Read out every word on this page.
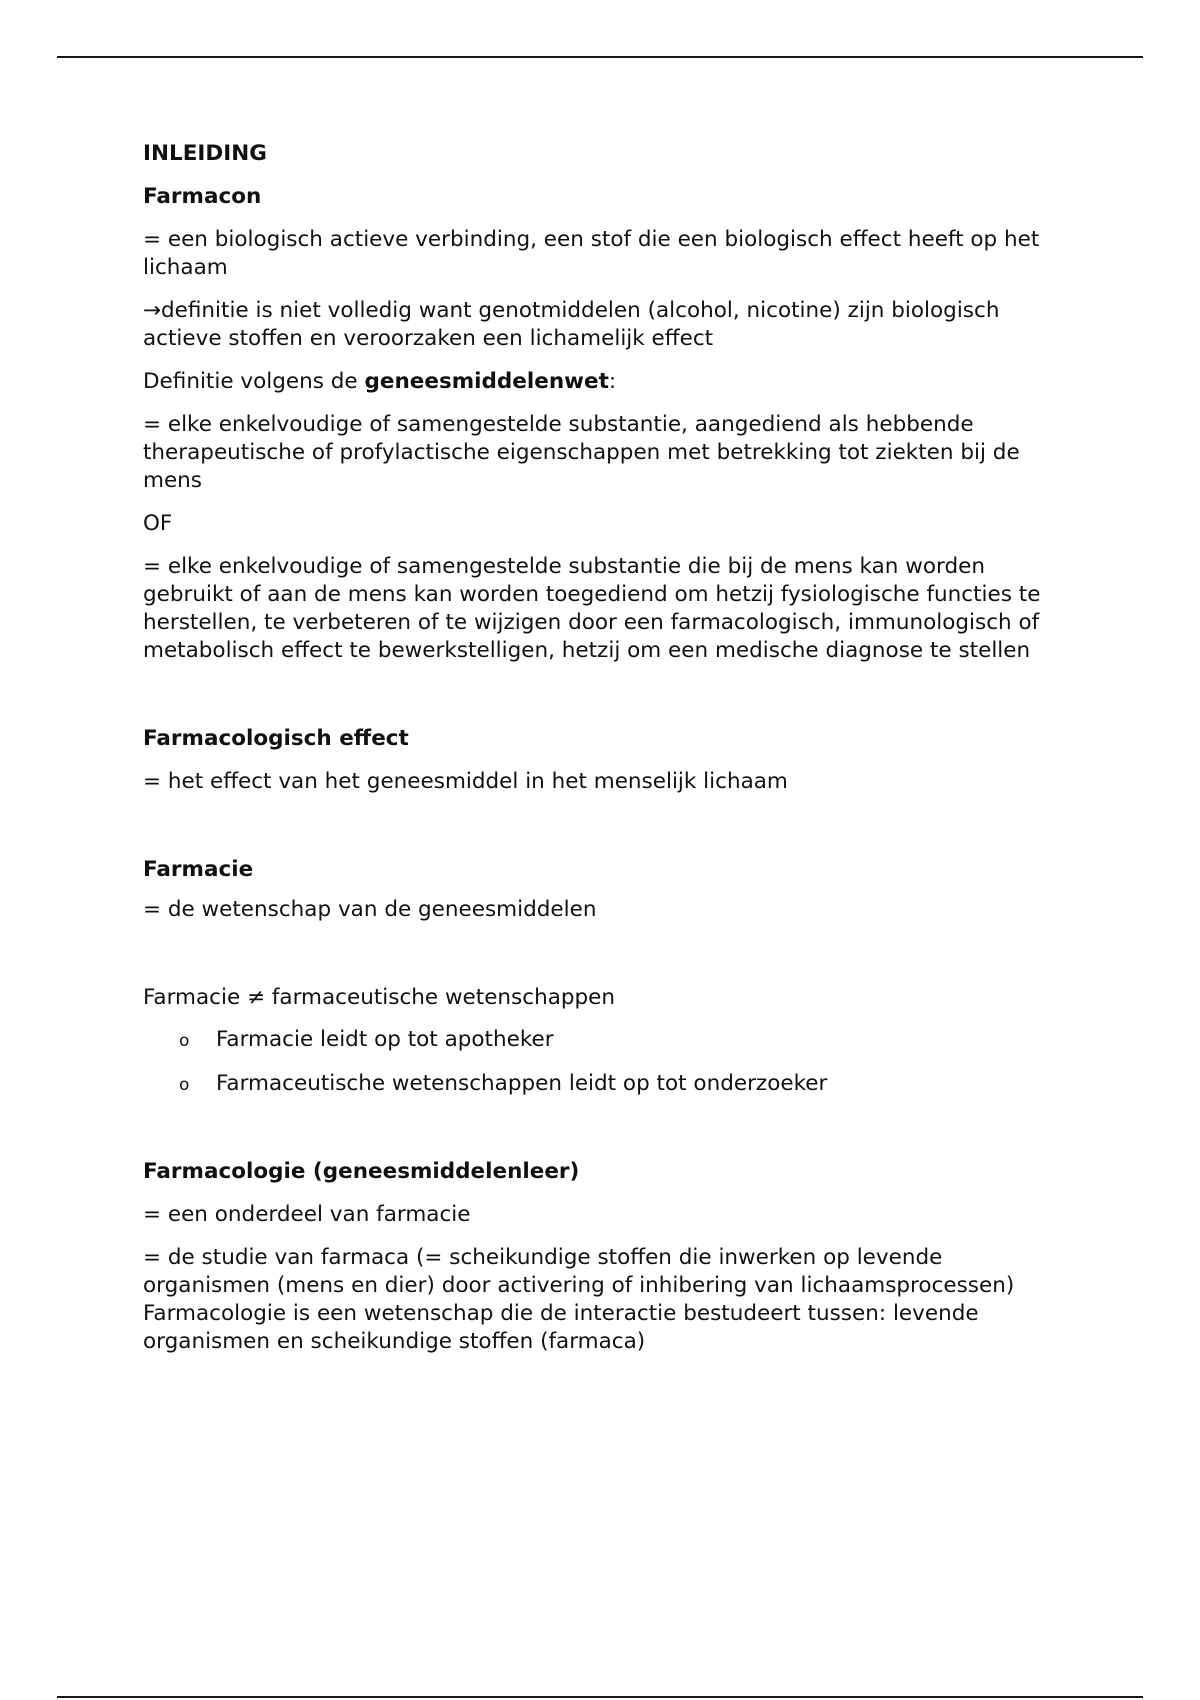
INLEIDING

Farmacon

= een biologisch actieve verbinding, een stof die een biologisch effect heeft op het lichaam

→definitie is niet volledig want genotmiddelen (alcohol, nicotine) zijn biologisch actieve stoffen en veroorzaken een lichamelijk effect

Definitie volgens de geneesmiddelenwet:

= elke enkelvoudige of samengestelde substantie, aangediend als hebbende therapeutische of profylactische eigenschappen met betrekking tot ziekten bij de mens

OF

= elke enkelvoudige of samengestelde substantie die bij de mens kan worden gebruikt of aan de mens kan worden toegediend om hetzij fysiologische functies te herstellen, te verbeteren of te wijzigen door een farmacologisch, immunologisch of metabolisch effect te bewerkstelligen, hetzij om een medische diagnose te stellen

Farmacologisch effect

= het effect van het geneesmiddel in het menselijk lichaam

Farmacie

= de wetenschap van de geneesmiddelen

Farmacie ≠ farmaceutische wetenschappen

o Farmacie leidt op tot apotheker
o Farmaceutische wetenschappen leidt op tot onderzoeker

Farmacologie (geneesmiddelenleer)

= een onderdeel van farmacie

= de studie van farmaca (= scheikundige stoffen die inwerken op levende organismen (mens en dier) door activering of inhibering van lichaamsprocessen) Farmacologie is een wetenschap die de interactie bestudeert tussen: levende organismen en scheikundige stoffen (farmaca)
